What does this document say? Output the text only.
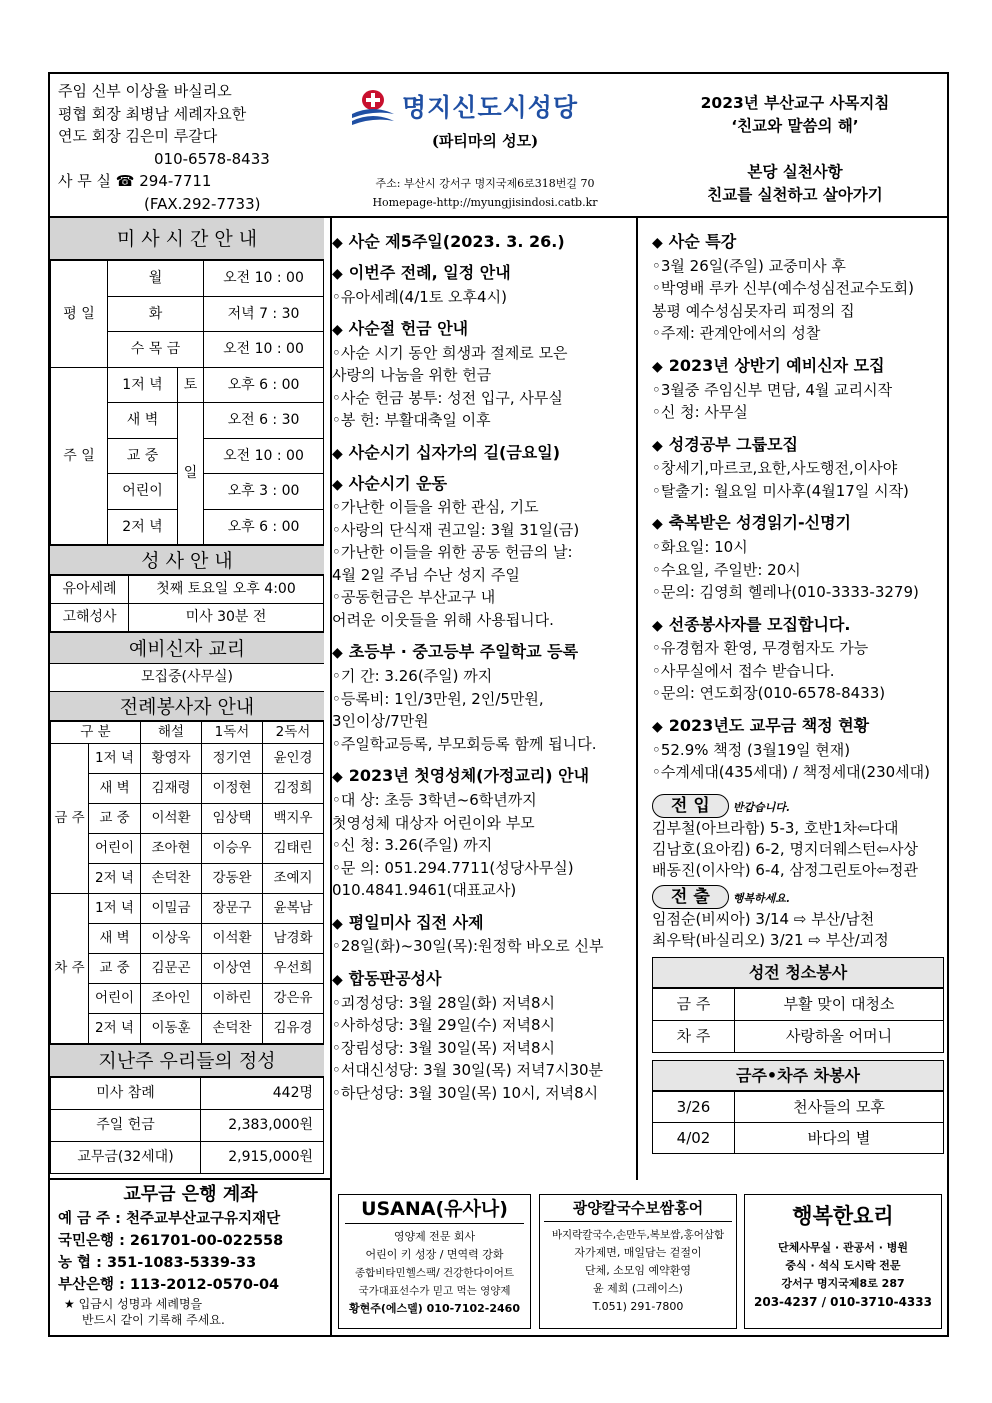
주임 신부 이상율 바실리오
평협 회장 최병남 세례자요한
연도 회장 김은미 루갈다
010-6578-8433
사 무 실 ☎ 294-7711
(FAX.292-7733)
명지신도시성당
(파티마의 성모)
주소: 부산시 강서구 명지국제6로318번길 70
Homepage-http://myungjisindosi.catb.kr
2023년 부산교구 사목지침
‘친교와 말씀의 해’
본당 실천사항
친교를 실천하고 살아가기
미 사 시 간 안 내
평 일	월		오전 10 : 00
	화		저녁 7 : 30
	수 목 금		오전 10 : 00
주 일	1저 녁	토	오후 6 : 00
	새 벽	일	오전 6 : 30
	교 중		오전 10 : 00
	어린이		오후 3 : 00
	2저 녁		오후 6 : 00
성 사 안 내
유아세례	첫째 토요일 오후 4:00
고해성사	미사 30분 전
예비신자 교리
모집중(사무실)
전례봉사자 안내
구 분		해설	1독서	2독서
금 주	1저 녁	황영자	정기연	윤인경
	새 벽	김재령	이정현	김정희
	교 중	이석환	임상택	백지우
	어린이	조아현	이승우	김태린
	2저 녁	손덕찬	강동완	조예지
차 주	1저 녁	이밀금	장문구	윤복남
	새 벽	이상욱	이석환	남경화
	교 중	김문곤	이상연	우선희
	어린이	조아인	이하린	강은유
	2저 녁	이동훈	손덕찬	김유경
지난주 우리들의 정성
미사 참례	442명
주일 헌금	2,383,000원
교무금(32세대)	2,915,000원
교무금 은행 계좌
예 금 주 : 천주교부산교구유지재단
국민은행 : 261701-00-022558
농 협 : 351-1083-5339-33
부산은행 : 113-2012-0570-04
★ 입금시 성명과 세례명을
반드시 같이 기록해 주세요.
◆ 사순 제5주일(2023. 3. 26.)
◆ 이번주 전례, 일정 안내
◦유아세례(4/1토 오후4시)
◆ 사순절 헌금 안내
◦사순 시기 동안 희생과 절제로 모은
사랑의 나눔을 위한 헌금
◦사순 헌금 봉투: 성전 입구, 사무실
◦봉 헌: 부활대축일 이후
◆ 사순시기 십자가의 길(금요일)
◆ 사순시기 운동
◦가난한 이들을 위한 관심, 기도
◦사랑의 단식재 권고일: 3월 31일(금)
◦가난한 이들을 위한 공동 헌금의 날:
4월 2일 주님 수난 성지 주일
◦공동헌금은 부산교구 내
어려운 이웃들을 위해 사용됩니다.
◆ 초등부 · 중고등부 주일학교 등록
◦기 간: 3.26(주일) 까지
◦등록비: 1인/3만원, 2인/5만원,
3인이상/7만원
◦주일학교등록, 부모회등록 함께 됩니다.
◆ 2023년 첫영성체(가정교리) 안내
◦대 상: 초등 3학년~6학년까지
첫영성체 대상자 어린이와 부모
◦신 청: 3.26(주일) 까지
◦문 의: 051.294.7711(성당사무실)
010.4841.9461(대표교사)
◆ 평일미사 집전 사제
◦28일(화)~30일(목):원정학 바오로 신부
◆ 합동판공성사
◦괴정성당: 3월 28일(화) 저녁8시
◦사하성당: 3월 29일(수) 저녁8시
◦장림성당: 3월 30일(목) 저녁8시
◦서대신성당: 3월 30일(목) 저녁7시30분
◦하단성당: 3월 30일(목) 10시, 저녁8시
◆ 사순 특강
◦3월 26일(주일) 교중미사 후
◦박영배 루카 신부(예수성심전교수도회)
봉평 예수성심못자리 피정의 집
◦주제: 관계안에서의 성찰
◆ 2023년 상반기 예비신자 모집
◦3월중 주임신부 면담, 4월 교리시작
◦신 청: 사무실
◆ 성경공부 그룹모집
◦창세기,마르코,요한,사도행전,이사야
◦탈출기: 월요일 미사후(4월17일 시작)
◆ 축복받은 성경읽기-신명기
◦화요일: 10시
◦수요일, 주일반: 20시
◦문의: 김영희 헬레나(010-3333-3279)
◆ 선종봉사자를 모집합니다.
◦유경험자 환영, 무경험자도 가능
◦사무실에서 접수 받습니다.
◦문의: 연도회장(010-6578-8433)
◆ 2023년도 교무금 책정 현황
◦52.9% 책정 (3월19일 현재)
◦수계세대(435세대) / 책정세대(230세대)
전 입 반갑습니다.
김부철(아브라함) 5-3, 호반1차⇦다대
김남호(요아킴) 6-2, 명지더웨스턴⇦사상
배동진(이사악) 6-4, 삼정그린토아⇦정관
전 출 행복하세요.
임점순(비씨아) 3/14 ⇨ 부산/남천
최우탁(바실리오) 3/21 ⇨ 부산/괴정
성전 청소봉사
금 주	부활 맞이 대청소
차 주	사랑하올 어머니
금주•차주 차봉사
3/26	천사들의 모후
4/02	바다의 별
USANA(유사나)
영양제 전문 회사
어린이 키 성장 / 면역력 강화
종합비타민헬스팩/ 건강한다이어트
국가대표선수가 믿고 먹는 영양제
황현주(에스델) 010-7102-2460
광양칼국수보쌈홍어
바지락칼국수,손만두,복보쌈,홍어삼합
자가제면, 매일담는 겉절이
단체, 소모임 예약환영
윤 제희 (그레이스)
T.051) 291-7800
행복한요리
단체사무실 · 관공서 · 병원
중식 · 석식 도시락 전문
강서구 명지국제8로 287
203-4237 / 010-3710-4333
